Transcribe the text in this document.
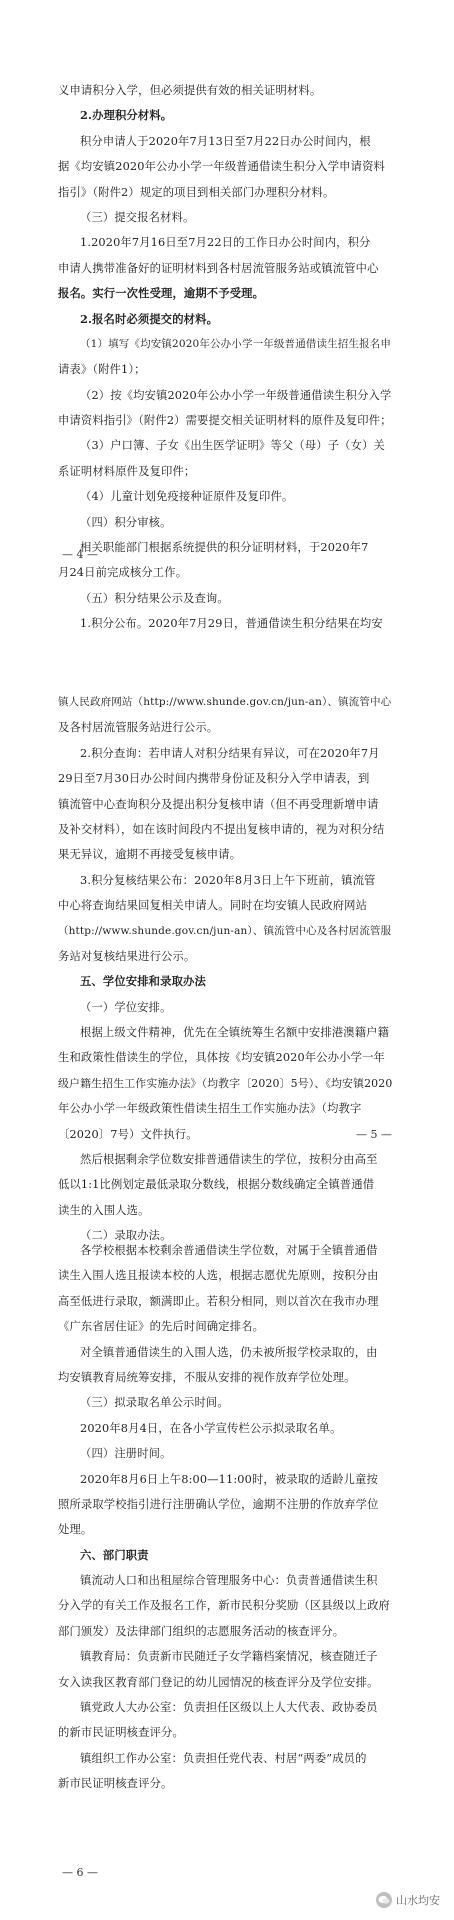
义申请积分入学，但必须提供有效的相关证明材料。
2.办理积分材料。
积分申请人于2020年7月13日至7月22日办公时间内，根
据《均安镇2020年公办小学一年级普通借读生积分入学申请资料
指引》（附件2）规定的项目到相关部门办理积分材料。
（三）提交报名材料。
1.2020年7月16日至7月22日的工作日办公时间内，积分
申请人携带准备好的证明材料到各村居流管服务站或镇流管中心
报名。实行一次性受理，逾期不予受理。
2.报名时必须提交的材料。
（1）填写《均安镇2020年公办小学一年级普通借读生招生报名申
请表》（附件1）；
（2）按《均安镇2020年公办小学一年级普通借读生积分入学
申请资料指引》（附件2）需要提交相关证明材料的原件及复印件；
（3）户口簿、子女《出生医学证明》等父（母）子（女）关
系证明材料原件及复印件；
（4）儿童计划免疫接种证原件及复印件。
（四）积分审核。
相关职能部门根据系统提供的积分证明材料，于2020年7
月24日前完成核分工作。
（五）积分结果公示及查询。
1.积分公布。2020年7月29日，普通借读生积分结果在均安
— 4 —
镇人民政府网站（http://www.shunde.gov.cn/jun-an）、镇流管中心
及各村居流管服务站进行公示。
2.积分查询：若申请人对积分结果有异议，可在2020年7月
29日至7月30日办公时间内携带身份证及积分入学申请表，到
镇流管中心查询积分及提出积分复核申请（但不再受理新增申请
及补交材料），如在该时间段内不提出复核申请的，视为对积分结
果无异议，逾期不再接受复核申请。
3.积分复核结果公布：2020年8月3日上午下班前，镇流管
中心将查询结果回复相关申请人。同时在均安镇人民政府网站
（http://www.shunde.gov.cn/jun-an）、镇流管中心及各村居流管服
务站对复核结果进行公示。
五、学位安排和录取办法
（一）学位安排。
根据上级文件精神，优先在全镇统筹生名额中安排港澳籍户籍
生和政策性借读生的学位，具体按《均安镇2020年公办小学一年
级户籍生招生工作实施办法》（均教字〔2020〕5号）、《均安镇2020
年公办小学一年级政策性借读生招生工作实施办法》（均教字
〔2020〕7号）文件执行。
然后根据剩余学位数安排普通借读生的学位，按积分由高至
低以1:1比例划定最低录取分数线，根据分数线确定全镇普通借
读生的入围人选。
（二）录取办法。
— 5 —
各学校根据本校剩余普通借读生学位数，对属于全镇普通借
读生入围人选且报读本校的人选，根据志愿优先原则，按积分由
高至低进行录取，额满即止。若积分相同，则以首次在我市办理
《广东省居住证》的先后时间确定排名。
对全镇普通借读生的入围人选，仍未被所报学校录取的，由
均安镇教育局统筹安排，不服从安排的视作放弃学位处理。
（三）拟录取名单公示时间。
2020年8月4日，在各小学宣传栏公示拟录取名单。
（四）注册时间。
2020年8月6日上午8:00—11:00时，被录取的适龄儿童按
照所录取学校指引进行注册确认学位，逾期不注册的作放弃学位
处理。
六、部门职责
镇流动人口和出租屋综合管理服务中心：负责普通借读生积
分入学的有关工作及报名工作，新市民积分奖励（区县级以上政府
部门颁发）及法律部门组织的志愿服务活动的核查评分。
镇教育局：负责新市民随迁子女学籍档案情况，核查随迁子
女入读我区教育部门登记的幼儿园情况的核查评分及学位安排。
镇党政人大办公室：负责担任区级以上人大代表、政协委员
的新市民证明核查评分。
镇组织工作办公室：负责担任党代表、村居“两委”成员的
新市民证明核查评分。
— 6 —
山水均安
